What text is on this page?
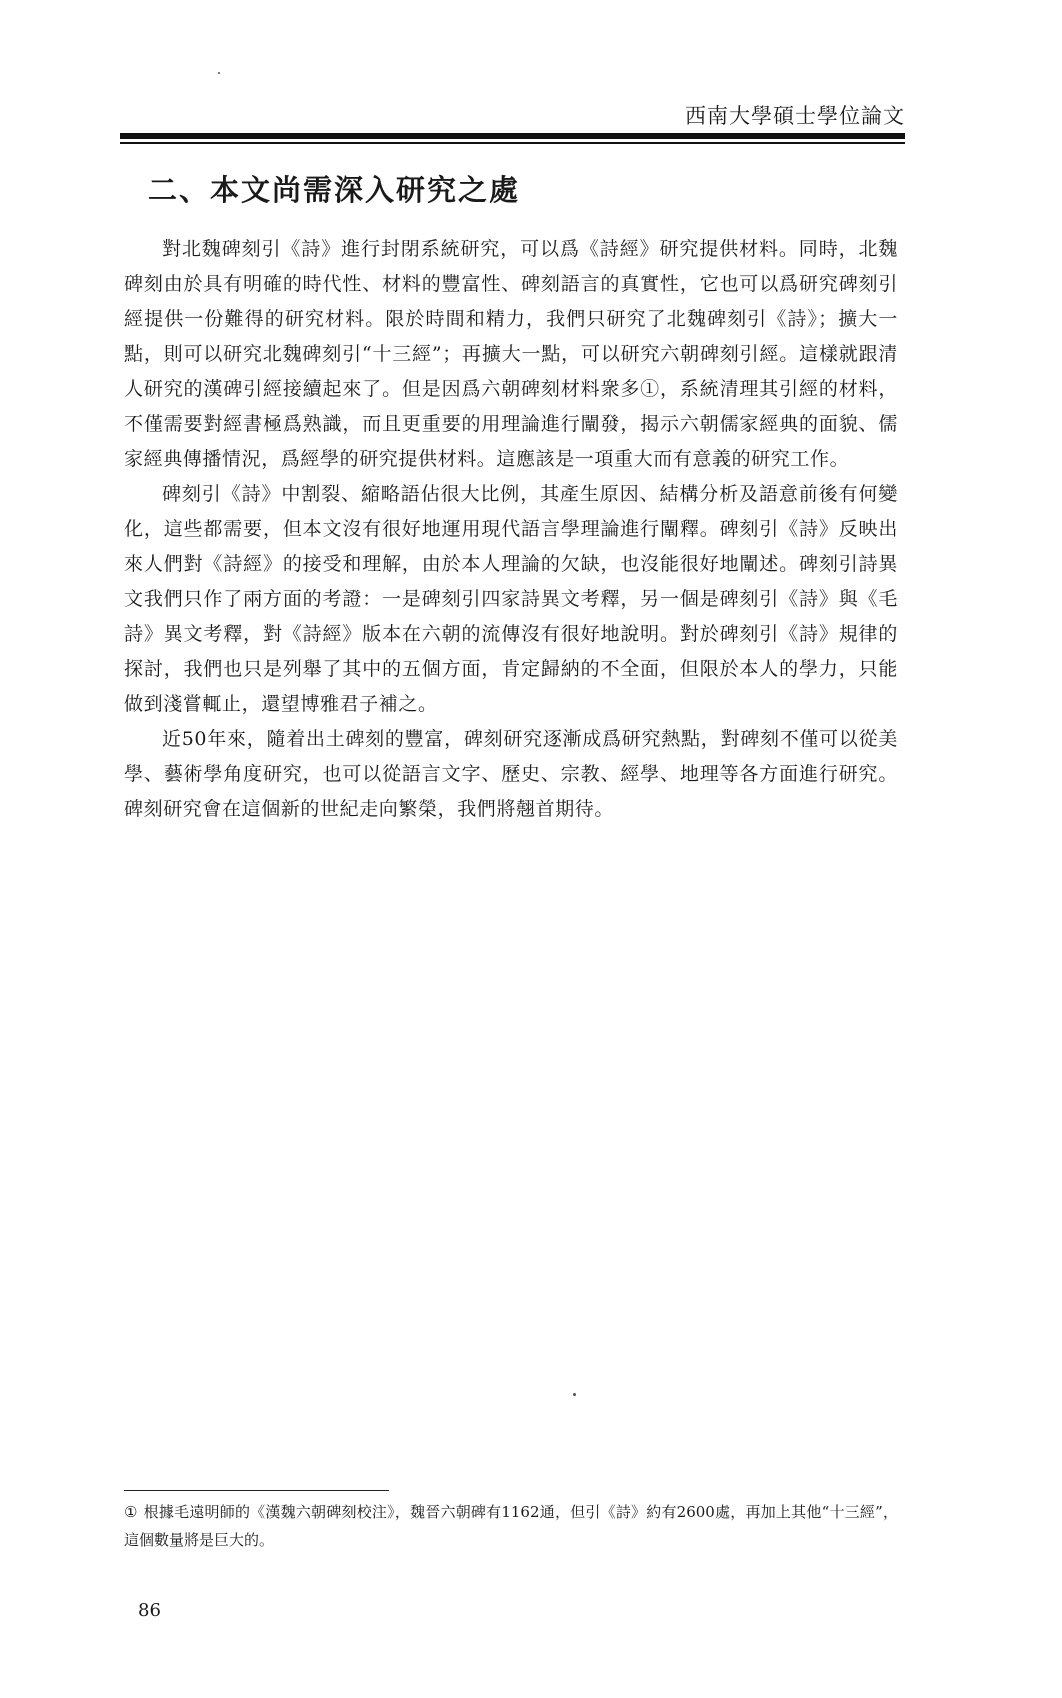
西南大學碩士學位論文
二、本文尚需深入研究之處

對北魏碑刻引《詩》進行封閉系統研究，可以爲《詩經》研究提供材料。同時，北魏碑刻由於具有明確的時代性、材料的豐富性、碑刻語言的真實性，它也可以爲研究碑刻引經提供一份難得的研究材料。限於時間和精力，我們只研究了北魏碑刻引《詩》；擴大一點，則可以研究北魏碑刻引“十三經”；再擴大一點，可以研究六朝碑刻引經。這樣就跟清人研究的漢碑引經接續起來了。但是因爲六朝碑刻材料衆多①，系統清理其引經的材料，不僅需要對經書極爲熟識，而且更重要的用理論進行闡發，揭示六朝儒家經典的面貌、儒家經典傳播情況，爲經學的研究提供材料。這應該是一項重大而有意義的研究工作。

碑刻引《詩》中割裂、縮略語佔很大比例，其產生原因、結構分析及語意前後有何變化，這些都需要，但本文沒有很好地運用現代語言學理論進行闡釋。碑刻引《詩》反映出來人們對《詩經》的接受和理解，由於本人理論的欠缺，也沒能很好地闡述。碑刻引詩異文我們只作了兩方面的考證：一是碑刻引四家詩異文考釋，另一個是碑刻引《詩》與《毛詩》異文考釋，對《詩經》版本在六朝的流傳沒有很好地說明。對於碑刻引《詩》規律的探討，我們也只是列舉了其中的五個方面，肯定歸納的不全面，但限於本人的學力，只能做到淺嘗輒止，還望博雅君子補之。

近50年來，隨着出土碑刻的豐富，碑刻研究逐漸成爲研究熱點，對碑刻不僅可以從美學、藝術學角度研究，也可以從語言文字、歷史、宗教、經學、地理等各方面進行研究。碑刻研究會在這個新的世紀走向繁榮，我們將翹首期待。

① 根據毛遠明師的《漢魏六朝碑刻校注》，魏晉六朝碑有1162通，但引《詩》約有2600處，再加上其他“十三經”，這個數量將是巨大的。

86
